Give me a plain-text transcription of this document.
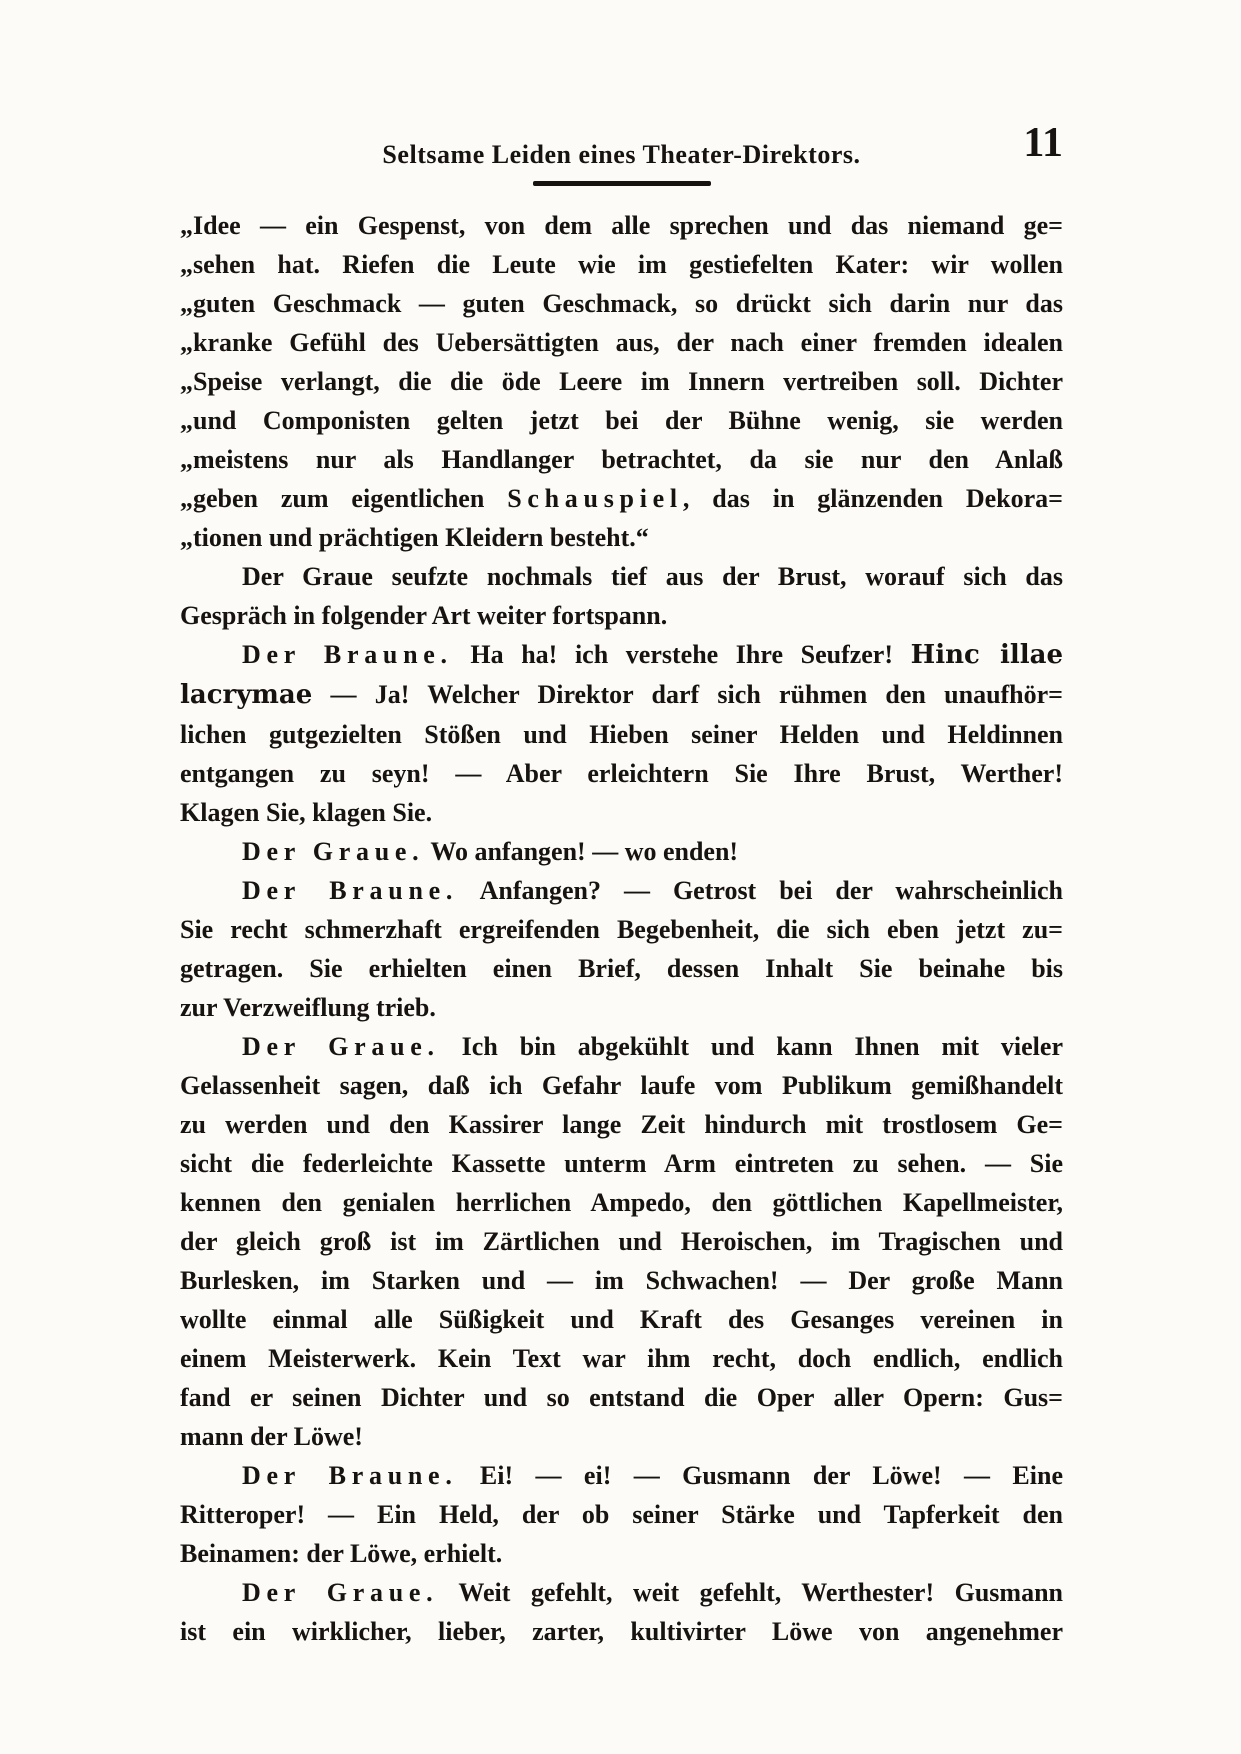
Seltsame Leiden eines Theater-Direktors.	11
„Idee — ein Gespenst, von dem alle sprechen und das niemand ge=
„sehen hat. Riefen die Leute wie im gestiefelten Kater: wir wollen
„guten Geschmack — guten Geschmack, so drückt sich darin nur das
„kranke Gefühl des Uebersättigten aus, der nach einer fremden idealen
„Speise verlangt, die die öde Leere im Innern vertreiben soll. Dichter
„und Componisten gelten jetzt bei der Bühne wenig, sie werden
„meistens nur als Handlanger betrachtet, da sie nur den Anlaß
„geben zum eigentlichen Schauspiel, das in glänzenden Dekora=
„tionen und prächtigen Kleidern besteht.“
Der Graue seufzte nochmals tief aus der Brust, worauf sich das
Gespräch in folgender Art weiter fortspann.
Der Braune. Ha ha! ich verstehe Ihre Seufzer! Hinc illae
lacrymae — Ja! Welcher Direktor darf sich rühmen den unaufhör=
lichen gutgezielten Stößen und Hieben seiner Helden und Heldinnen
entgangen zu seyn! — Aber erleichtern Sie Ihre Brust, Werther!
Klagen Sie, klagen Sie.
Der Graue. Wo anfangen! — wo enden!
Der Braune. Anfangen? — Getrost bei der wahrscheinlich
Sie recht schmerzhaft ergreifenden Begebenheit, die sich eben jetzt zu=
getragen. Sie erhielten einen Brief, dessen Inhalt Sie beinahe bis
zur Verzweiflung trieb.
Der Graue. Ich bin abgekühlt und kann Ihnen mit vieler
Gelassenheit sagen, daß ich Gefahr laufe vom Publikum gemißhandelt
zu werden und den Kassirer lange Zeit hindurch mit trostlosem Ge=
sicht die federleichte Kassette unterm Arm eintreten zu sehen. — Sie
kennen den genialen herrlichen Ampedo, den göttlichen Kapellmeister,
der gleich groß ist im Zärtlichen und Heroischen, im Tragischen und
Burlesken, im Starken und — im Schwachen! — Der große Mann
wollte einmal alle Süßigkeit und Kraft des Gesanges vereinen in
einem Meisterwerk. Kein Text war ihm recht, doch endlich, endlich
fand er seinen Dichter und so entstand die Oper aller Opern: Gus=
mann der Löwe!
Der Braune. Ei! — ei! — Gusmann der Löwe! — Eine
Ritteroper! — Ein Held, der ob seiner Stärke und Tapferkeit den
Beinamen: der Löwe, erhielt.
Der Graue. Weit gefehlt, weit gefehlt, Werthester! Gusmann
ist ein wirklicher, lieber, zarter, kultivirter Löwe von angenehmer
